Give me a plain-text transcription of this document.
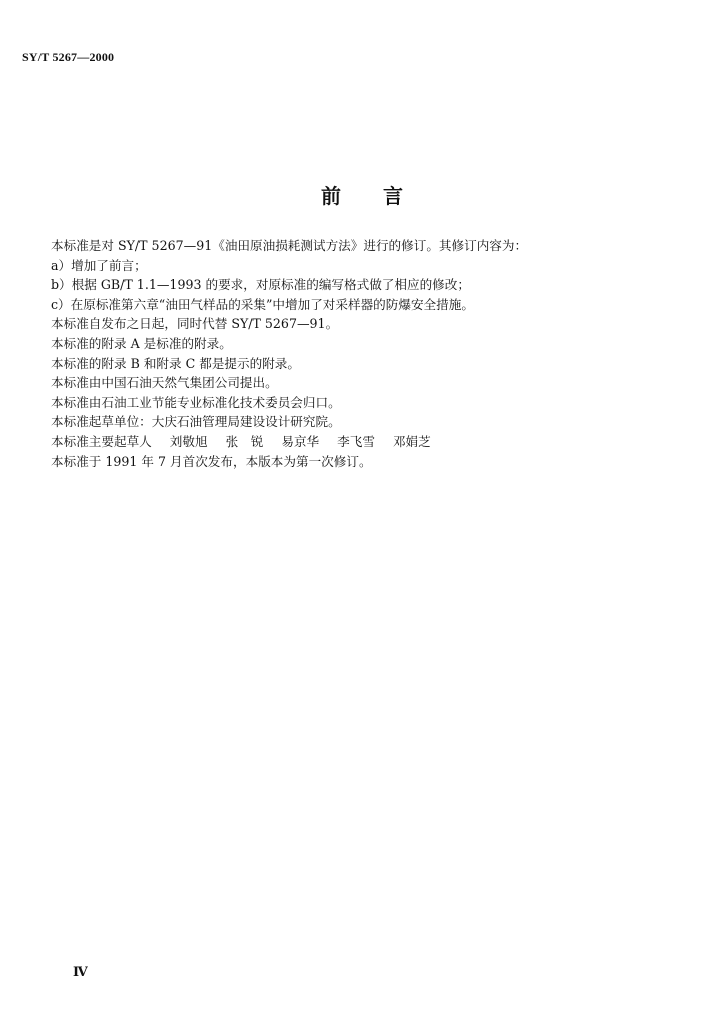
SY/T 5267—2000
前 言
本标准是对 SY/T 5267—91《油田原油损耗测试方法》进行的修订。其修订内容为：
a）增加了前言；
b）根据 GB/T 1.1—1993 的要求，对原标准的编写格式做了相应的修改；
c）在原标准第六章“油田气样品的采集”中增加了对采样器的防爆安全措施。
本标准自发布之日起，同时代替 SY/T 5267—91。
本标准的附录 A 是标准的附录。
本标准的附录 B 和附录 C 都是提示的附录。
本标准由中国石油天然气集团公司提出。
本标准由石油工业节能专业标准化技术委员会归口。
本标准起草单位：大庆石油管理局建设设计研究院。
本标准主要起草人 刘敬旭 张　锐 易京华 李飞雪 邓娟芝
本标准于 1991 年 7 月首次发布，本版本为第一次修订。
Ⅳ
